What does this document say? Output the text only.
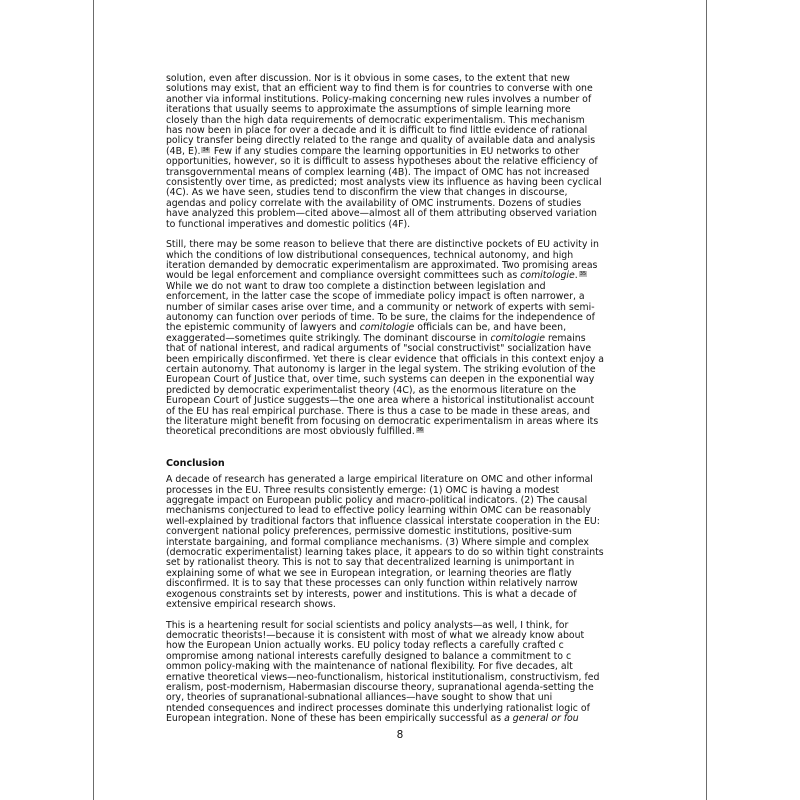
solution, even after discussion. Nor is it obvious in some cases, to the extent that new
solutions may exist, that an efficient way to find them is for countries to converse with one
another via informal institutions. Policy-making concerning new rules involves a number of
iterations that usually seems to approximate the assumptions of simple learning more
closely than the high data requirements of democratic experimentalism. This mechanism
has now been in place for over a decade and it is difficult to find little evidence of rational
policy transfer being directly related to the range and quality of available data and analysis
(4B, E). 34 Few if any studies compare the learning opportunities in EU networks to other
opportunities, however, so it is difficult to assess hypotheses about the relative efficiency of
transgovernmental means of complex learning (4B). The impact of OMC has not increased
consistently over time, as predicted; most analysts view its influence as having been cyclical
(4C). As we have seen, studies tend to disconfirm the view that changes in discourse,
agendas and policy correlate with the availability of OMC instruments. Dozens of studies
have analyzed this problem—cited above—almost all of them attributing observed variation
to functional imperatives and domestic politics (4F).
Still, there may be some reason to believe that there are distinctive pockets of EU activity in
which the conditions of low distributional consequences, technical autonomy, and high
iteration demanded by democratic experimentalism are approximated. Two promising areas
would be legal enforcement and compliance oversight committees such as comitologie. 35
While we do not want to draw too complete a distinction between legislation and
enforcement, in the latter case the scope of immediate policy impact is often narrower, a
number of similar cases arise over time, and a community or network of experts with semi-
autonomy can function over periods of time. To be sure, the claims for the independence of
the epistemic community of lawyers and comitologie officials can be, and have been,
exaggerated—sometimes quite strikingly. The dominant discourse in comitologie remains
that of national interest, and radical arguments of "social constructivist" socialization have
been empirically disconfirmed. Yet there is clear evidence that officials in this context enjoy a
certain autonomy. That autonomy is larger in the legal system. The striking evolution of the
European Court of Justice that, over time, such systems can deepen in the exponential way
predicted by democratic experimentalist theory (4C), as the enormous literature on the
European Court of Justice suggests—the one area where a historical institutionalist account
of the EU has real empirical purchase. There is thus a case to be made in these areas, and
the literature might benefit from focusing on democratic experimentalism in areas where its
theoretical preconditions are most obviously fulfilled. 36
Conclusion
A decade of research has generated a large empirical literature on OMC and other informal
processes in the EU. Three results consistently emerge: (1) OMC is having a modest
aggregate impact on European public policy and macro-political indicators. (2) The causal
mechanisms conjectured to lead to effective policy learning within OMC can be reasonably
well-explained by traditional factors that influence classical interstate cooperation in the EU:
convergent national policy preferences, permissive domestic institutions, positive-sum
interstate bargaining, and formal compliance mechanisms. (3) Where simple and complex
(democratic experimentalist) learning takes place, it appears to do so within tight constraints
set by rationalist theory. This is not to say that decentralized learning is unimportant in
explaining some of what we see in European integration, or learning theories are flatly
disconfirmed. It is to say that these processes can only function within relatively narrow
exogenous constraints set by interests, power and institutions. This is what a decade of
extensive empirical research shows.
This is a heartening result for social scientists and policy analysts—as well, I think, for
democratic theorists!—because it is consistent with most of what we already know about
how the European Union actually works. EU policy today reflects a carefully crafted c
ompromise among national interests carefully designed to balance a commitment to c
ommon policy-making with the maintenance of national flexibility. For five decades, alt
ernative theoretical views—neo-functionalism, historical institutionalism, constructivism, fed
eralism, post-modernism, Habermasian discourse theory, supranational agenda-setting the
ory, theories of supranational-subnational alliances—have sought to show that uni
ntended consequences and indirect processes dominate this underlying rationalist logic of
European integration. None of these has been empirically successful as a general or fou
8
